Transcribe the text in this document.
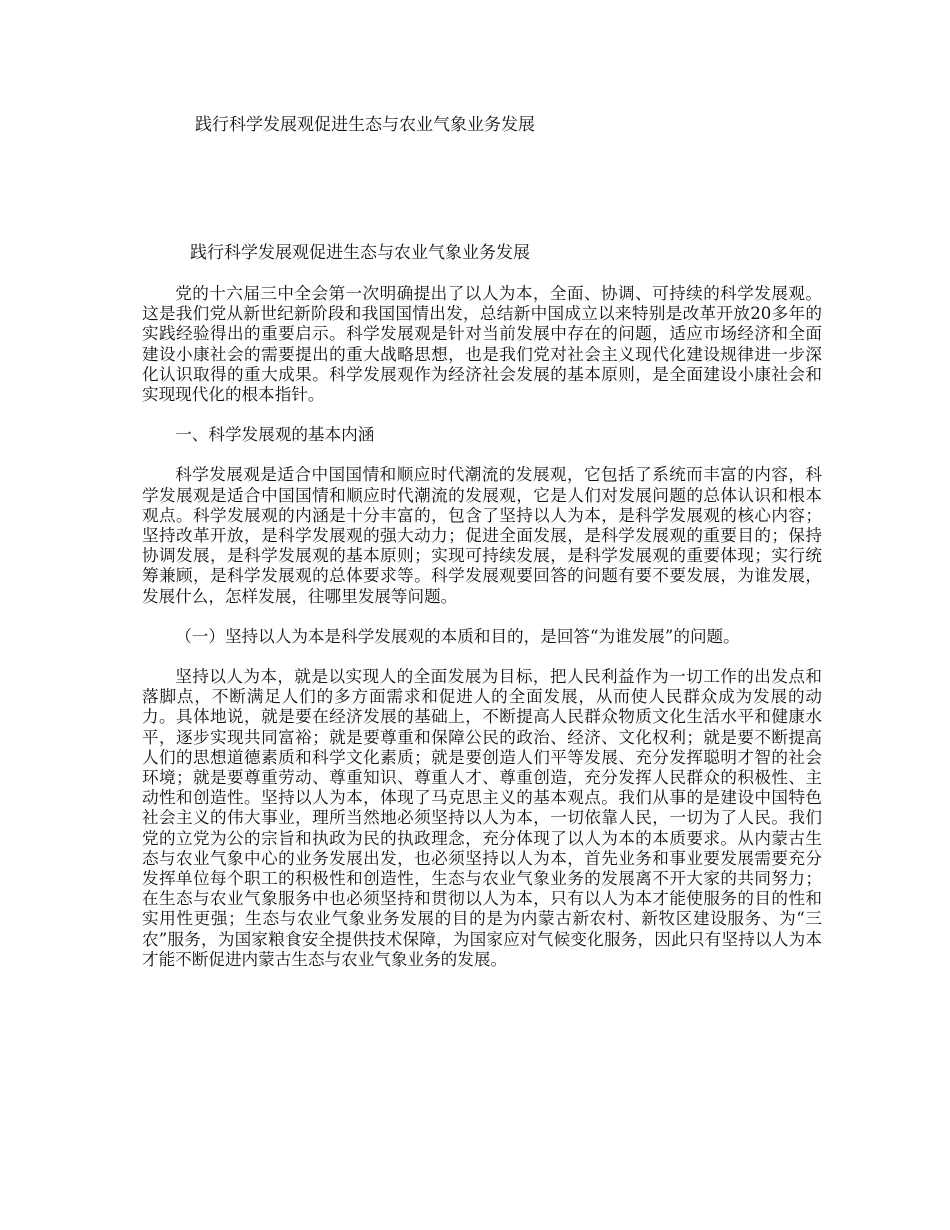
践行科学发展观促进生态与农业气象业务发展
践行科学发展观促进生态与农业气象业务发展

党的十六届三中全会第一次明确提出了以人为本，全面、协调、可持续的科学发展观。这是我们党从新世纪新阶段和我国国情出发，总结新中国成立以来特别是改革开放20多年的实践经验得出的重要启示。科学发展观是针对当前发展中存在的问题，适应市场经济和全面建设小康社会的需要提出的重大战略思想，也是我们党对社会主义现代化建设规律进一步深化认识取得的重大成果。科学发展观作为经济社会发展的基本原则，是全面建设小康社会和实现现代化的根本指针。

一、科学发展观的基本内涵

科学发展观是适合中国国情和顺应时代潮流的发展观，它包括了系统而丰富的内容，科学发展观是适合中国国情和顺应时代潮流的发展观，它是人们对发展问题的总体认识和根本观点。科学发展观的内涵是十分丰富的，包含了坚持以人为本，是科学发展观的核心内容；坚持改革开放，是科学发展观的强大动力；促进全面发展，是科学发展观的重要目的；保持协调发展，是科学发展观的基本原则；实现可持续发展，是科学发展观的重要体现；实行统筹兼顾，是科学发展观的总体要求等。科学发展观要回答的问题有要不要发展，为谁发展，发展什么，怎样发展，往哪里发展等问题。

（一）坚持以人为本是科学发展观的本质和目的，是回答“为谁发展”的问题。

坚持以人为本，就是以实现人的全面发展为目标，把人民利益作为一切工作的出发点和落脚点，不断满足人们的多方面需求和促进人的全面发展，从而使人民群众成为发展的动力。具体地说，就是要在经济发展的基础上，不断提高人民群众物质文化生活水平和健康水平，逐步实现共同富裕；就是要尊重和保障公民的政治、经济、文化权利；就是要不断提高人们的思想道德素质和科学文化素质；就是要创造人们平等发展、充分发挥聪明才智的社会环境；就是要尊重劳动、尊重知识、尊重人才、尊重创造，充分发挥人民群众的积极性、主动性和创造性。坚持以人为本，体现了马克思主义的基本观点。我们从事的是建设中国特色社会主义的伟大事业，理所当然地必须坚持以人为本，一切依靠人民，一切为了人民。我们党的立党为公的宗旨和执政为民的执政理念，充分体现了以人为本的本质要求。从内蒙古生态与农业气象中心的业务发展出发，也必须坚持以人为本，首先业务和事业要发展需要充分发挥单位每个职工的积极性和创造性，生态与农业气象业务的发展离不开大家的共同努力；在生态与农业气象服务中也必须坚持和贯彻以人为本，只有以人为本才能使服务的目的性和实用性更强；生态与农业气象业务发展的目的是为内蒙古新农村、新牧区建设服务、为“三农”服务，为国家粮食安全提供技术保障，为国家应对气候变化服务，因此只有坚持以人为本才能不断促进内蒙古生态与农业气象业务的发展。
